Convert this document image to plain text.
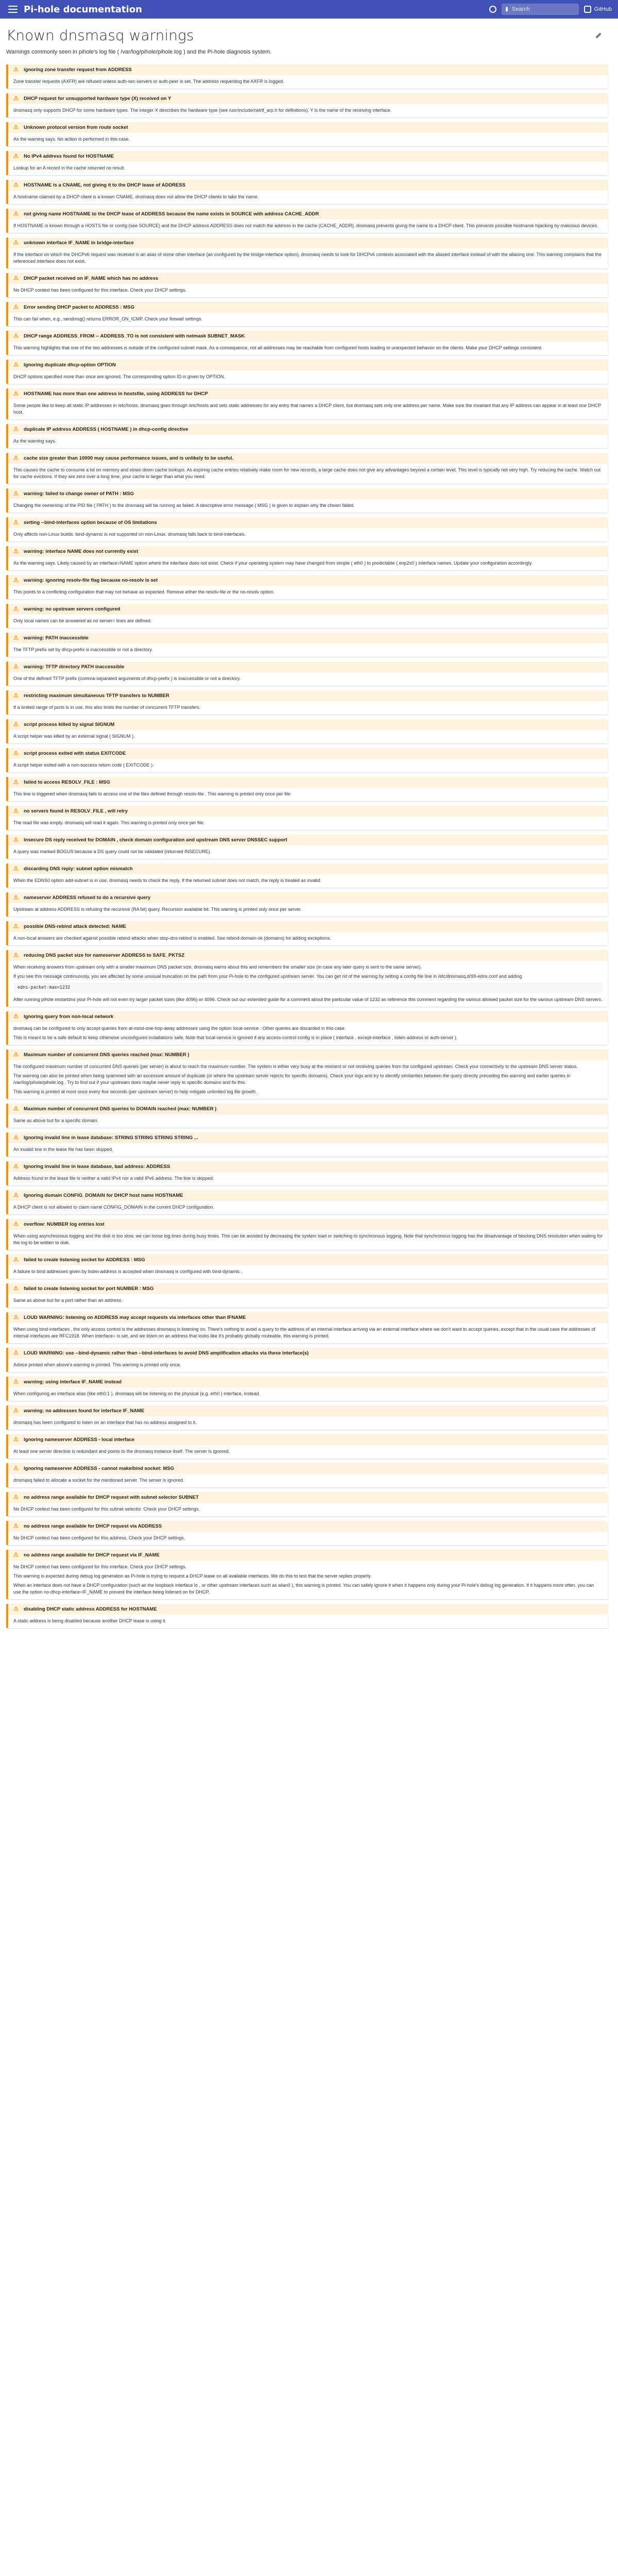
Pi-hole documentation
Search	GitHub
Known dnsmasq warnings
Warnings commonly seen in pihole's log file ( /var/log/pihole/pihole.log ) and the Pi-hole diagnosis system.
⚠ ignoring zone transfer request from ADDRESS

Zone transfer requests (AXFR) are refused unless auth-sec-servers or auth-peer is set. The address requesting the AXFR is logged.

⚠ DHCP request for unsupported hardware type (X) received on Y

dnsmasq only supports DHCP for some hardware types. The integer X describes the hardware type (see /usr/include/net/if_arp.h for definitions). Y is the name of the receiving interface.

⚠ Unknown protocol version from route socket

As the warning says. No action is performed in this case.

⚠ No IPv4 address found for HOSTNAME

Lookup for an A record in the cache returned no result.

⚠ HOSTNAME is a CNAME, not giving it to the DHCP lease of ADDRESS

A hostname claimed by a DHCP client is a known CNAME. dnsmasq does not allow the DHCP clients to take the name.

⚠ not giving name HOSTNAME to the DHCP lease of ADDRESS because the name exists in SOURCE with address CACHE_ADDR

If HOSTNAME is known through a HOSTS file or config (see SOURCE) and the DHCP address ADDRESS does not match the address in the cache (CACHE_ADDR), dnsmasq prevents giving the name to a DHCP client. This prevents possible hostname hijacking by malicious devices.

⚠ unknown interface IF_NAME in bridge-interface

If the interface on which the DHCPv6 request was received is an alias of some other interface (as configured by the bridge-interface option), dnsmasq needs to look for DHCPv6 contexts associated with the aliased interface instead of with the aliasing one. This warning complains that the referenced interface does not exist.

⚠ DHCP packet received on IF_NAME which has no address

No DHCP context has been configured for this interface. Check your DHCP settings.

⚠ Error sending DHCP packet to ADDRESS : MSG

This can fail when, e.g., sendmsg() returns ERROR_ON_ICMP. Check your firewall settings.

⚠ DHCP range ADDRESS_FROM -- ADDRESS_TO is not consistent with netmask SUBNET_MASK

This warning highlights that one of the two addresses is outside of the configured subnet mask. As a consequence, not all addresses may be reachable from configured hosts leading to unexpected behavior on the clients. Make your DHCP settings consistent.

⚠ Ignoring duplicate dhcp-option OPTION

DHCP options specified more than once are ignored. The corresponding option ID is given by OPTION.

⚠ HOSTNAME has more than one address in hostsfile, using ADDRESS for DHCP

Some people like to keep all static IP addresses in /etc/hosts. dnsmasq goes through /etc/hosts and sets static addresses for any entry that names a DHCP client, but dnsmasq sets only one address per name. Make sure the invariant that any IP address can appear in at least one DHCP host.

⚠ duplicate IP address ADDRESS ( HOSTNAME ) in dhcp-config directive

As the warning says.

⚠ cache size greater than 10000 may cause performance issues, and is unlikely to be useful.

This causes the cache to consume a lot on memory and slows down cache lookups. As expiring cache entries relatively make room for new records, a large cache does not give any advantages beyond a certain level. This level is typically not very high. Try reducing the cache. Watch out for cache evictions. If they are zero over a long time, your cache is larger than what you need.

⚠ warning: failed to change owner of PATH : MSG

Changing the ownership of the PID file ( PATH ) to the dnsmasq will be running as failed. A descriptive error message ( MSG ) is given to explain why the chown failed.

⚠ setting --bind-interfaces option because of OS limitations

Only affects non-Linux builds. bind-dynamic is not supported on non-Linux. dnsmasq falls back to bind-interfaces.

⚠ warning: interface NAME does not currently exist

As the warning says. Likely caused by an interface=NAME option where the interface does not exist. Check if your operating system may have changed from simple ( eth0 ) to predictable ( enp2s0 ) interface names. Update your configuration accordingly.

⚠ warning: ignoring resolv-file flag because no-resolv is set

This points to a conflicting configuration that may not behave as expected. Remove either the resolv-file or the no-resolv option.

⚠ warning: no upstream servers configured

Only local names can be answered as no server= lines are defined.

⚠ warning: PATH inaccessible

The TFTP prefix set by dhcp-prefix is inaccessible or not a directory.

⚠ warning: TFTP directory PATH inaccessible

One of the defined TFTP prefix (comma-separated arguments of dhcp-prefix ) is inaccessible or not a directory.

⚠ restricting maximum simultaneous TFTP transfers to NUMBER

If a limited range of ports is in use, this also limits the number of concurrent TFTP transfers.

⚠ script process killed by signal SIGNUM

A script helper was killed by an external signal ( SIGNUM ).

⚠ script process exited with status EXITCODE

A script helper exited with a non-success return code ( EXITCODE ).

⚠ failed to access RESOLV_FILE : MSG

This line is triggered when dnsmasq fails to access one of the files defined through resolv-file . This warning is printed only once per file.

⚠ no servers found in RESOLV_FILE , will retry

The read file was empty. dnsmasq will read it again. This warning is printed only once per file.

⚠ Insecure DS reply received for DOMAIN , check domain configuration and upstream DNS server DNSSEC support

A query was marked BOGUS because a DS query could not be validated (returned INSECURE).

⚠ discarding DNS reply: subnet option mismatch

When the EDNS0 option add-subnet is in use, dnsmasq needs to check the reply. If the returned subnet does not match, the reply is treated as invalid.

⚠ nameserver ADDRESS refused to do a recursive query

Upstream at address ADDRESS is refusing the recursive (RA bit) query. Recursion available bit. This warning is printed only once per server.

⚠ possible DNS-rebind attack detected: NAME

A non-local answers are checked against possible rebind attacks when stop-dns-rebind is enabled. See rebind-domain-ok (domains) for adding exceptions.

⚠ reducing DNS packet size for nameserver ADDRESS to SAFE_PKTSZ

When receiving answers from upstream only with a smaller maximum DNS packet size, dnsmasq warns about this and remembers the smaller size (in case any later query is sent to the same server).

If you see this message continuously, you are affected by some unusual truncation on the path from your Pi-hole to the configured upstream server. You can get rid of the warning by setting a config file line in /etc/dnsmasq.d/99-edns.conf and adding

edns-packet-max=1232

After running pihole restartdns your Pi-hole will not even try larger packet sizes (like 4096) or 4096. Check out our extended guide for a comment about the particular value of 1232 as reference this comment regarding the various allowed packet size for the various upstream DNS servers.

⚠ Ignoring query from non-local network

dnsmasq can be configured to only accept queries from at-most-one-hop-away addresses using the option local-service . Other queries are discarded in this case.

This is meant to be a safe default to keep otherwise unconfigured installations safe. Note that local-service is ignored if any access-control config is in place ( interface , except-interface , listen-address or auth-server ).

⚠ Maximum number of concurrent DNS queries reached (max: NUMBER )

The configured maximum number of concurrent DNS queries (per server) is about to reach the maximum number. The system is either very busy at the moment or not receiving queries from the configured upstream. Check your connectivity to the upstream DNS server status.

The warning can also be printed when being spammed with an excessive amount of duplicate (or where the upstream server rejects for specific domains). Check your logs and try to identify similarities between the query directly preceding this warning and earlier queries in /var/log/pihole/pihole.log . Try to find out if your upstream does maybe never reply to specific domains and fix this.

This warning is printed at most once every five seconds (per upstream server) to help mitigate unlimited log file growth.

⚠ Maximum number of concurrent DNS queries to DOMAIN reached (max: NUMBER )

Same as above but for a specific domain.

⚠ Ignoring invalid line in lease database: STRING STRING STRING STRING ...

An invalid line in the lease file has been skipped.

⚠ Ignoring invalid line in lease database, bad address: ADDRESS

Address found in the lease file is neither a valid IPv4 nor a valid IPv6 address. The line is skipped.

⚠ Ignoring domain CONFIG_DOMAIN for DHCP host name HOSTNAME

A DHCP client is not allowed to claim name CONFIG_DOMAIN in the current DHCP configuration.

⚠ overflow: NUMBER log entries lost

When using asynchronous logging and the disk is too slow, we can loose log lines during busy times. This can be avoided by decreasing the system load or switching to synchronous logging. Note that synchronous logging has the disadvantage of blocking DNS resolution when waiting for the log to be written to disk.

⚠ failed to create listening socket for ADDRESS : MSG

A failure to bind addresses given by listen-address is accepted when dnsmasq is configured with bind-dynamic .

⚠ failed to create listening socket for port NUMBER : MSG

Same as above but for a port rather than an address.

⚠ LOUD WARNING: listening on ADDRESS may accept requests via interfaces other than IFNAME

When using bind-interfaces , the only access control is the addresses dnsmasq is listening on. There's nothing to avoid a query to the address of an internal interface arriving via an external interface where we don't want to accept queries, except that in the usual case the addresses of internal interfaces are RFC1918. When interface= is set, and we listen on an address that looks like it's probably globally routeable, this warning is printed.

⚠ LOUD WARNING: use --bind-dynamic rather than --bind-interfaces to avoid DNS amplification attacks via these interface(s)

Advice printed when above's warning is printed. This warning is printed only once.

⚠ warning: using interface IF_NAME instead

When configuring an interface alias (like eth0:1 ), dnsmasq will be listening on the physical (e.g. eth0 ) interface, instead.

⚠ warning: no addresses found for interface IF_NAME

dnsmasq has been configured to listen on an interface that has no address assigned to it.

⚠ Ignoring nameserver ADDRESS - local interface

At least one server directive is redundant and points to the dnsmasq instance itself. The server is ignored.

⚠ Ignoring nameserver ADDRESS - cannot make/bind socket: MSG

dnsmasq failed to allocate a socket for the mentioned server. The server is ignored.

⚠ no address range available for DHCP request with subnet selector SUBNET

No DHCP context has been configured for this subnet selector. Check your DHCP settings.

⚠ no address range available for DHCP request via ADDRESS

No DHCP context has been configured for this address. Check your DHCP settings.

⚠ no address range available for DHCP request via IF_NAME

No DHCP context has been configured for this interface. Check your DHCP settings.

This warning is expected during debug log generation as Pi-hole is trying to request a DHCP lease on all available interfaces. We do this to test that the server replies properly.

When an interface does not have a DHCP configuration (such as the loopback interface lo , or other upstream interfaces such as wlan0 ), this warning is printed. You can safely ignore it when it happens only during your Pi-hole's debug log generation. If it happens more often, you can use the option no-dhcp-interface=IF_NAME to prevent the interface being listened on for DHCP.

⚠ disabling DHCP static address ADDRESS for HOSTNAME

A static address is being disabled because another DHCP lease is using it.
